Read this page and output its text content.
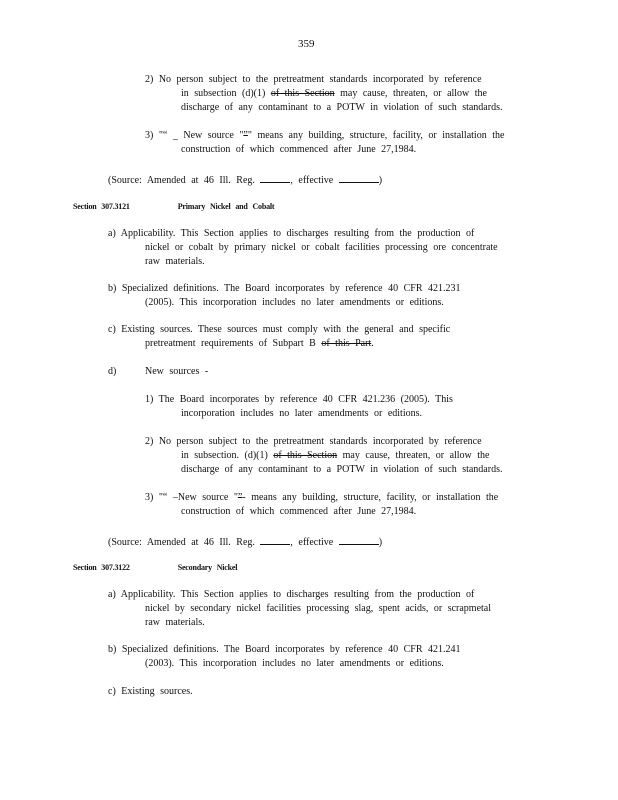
359

2) No person subject to the pretreatment standards incorporated by reference

in subsection (d)(1) of this Section may cause, threaten, or allow the

discharge of any contaminant to a POTW in violation of such standards.

3) "“ _ New source "”" means any building, structure, facility, or installation the

construction of which commenced after June 27,1984.

(Source: Amended at 46 Ill. Reg.	, effective	)

Section 307.3121	Primary Nickel and Cobalt

a) Applicability. This Section applies to discharges resulting from the production of

nickel or cobalt by primary nickel or cobalt facilities processing ore concentrate

raw materials.

b) Specialized definitions. The Board incorporates by reference 40 CFR 421.231

(2005). This incorporation includes no later amendments or editions.

c) Existing sources. These sources must comply with the general and specific

pretreatment requirements of Subpart B of this Part.

d)	New sources -

1) The Board incorporates by reference 40 CFR 421.236 (2005). This

incorporation includes no later amendments or editions.

2) No person subject to the pretreatment standards incorporated by reference

in subsection. (d)(1) of this Section may cause, threaten, or allow the

discharge of any contaminant to a POTW in violation of such standards.

3) "“ –New source "”- means any building, structure, facility, or installation the

construction of which commenced after June 27,1984.

(Source: Amended at 46 Ill. Reg.	, effective	)

Section 307.3122	Secondary Nickel

a) Applicability. This Section applies to discharges resulting from the production of

nickel by secondary nickel facilities processing slag, spent acids, or scrapmetal

raw materials.

b) Specialized definitions. The Board incorporates by reference 40 CFR 421.241

(2003). This incorporation includes no later amendments or editions.

c) Existing sources.
